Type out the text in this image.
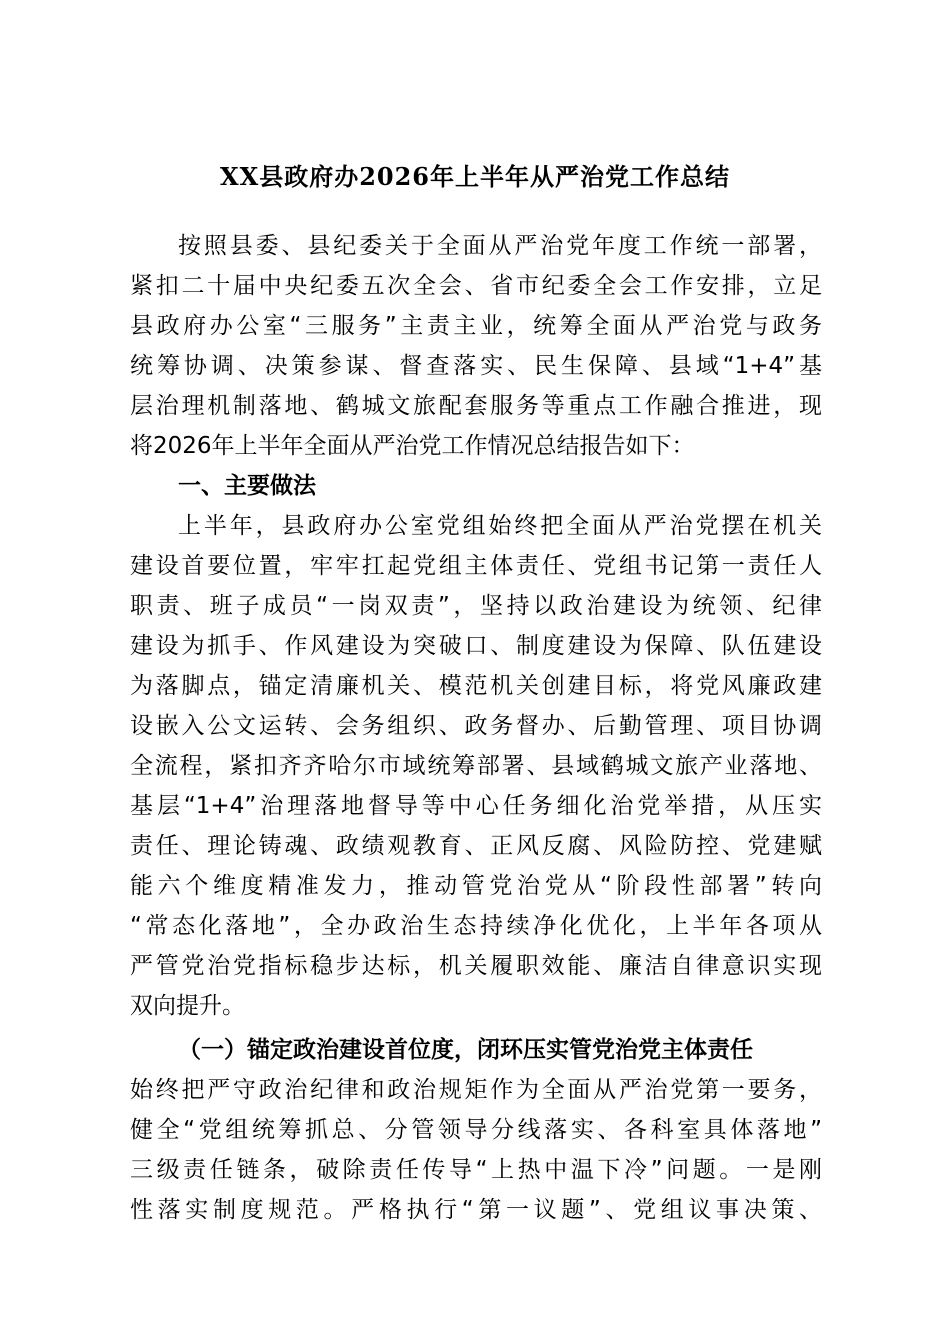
XX县政府办2026年上半年从严治党工作总结
按照县委、县纪委关于全面从严治党年度工作统一部署，
紧扣二十届中央纪委五次全会、省市纪委全会工作安排，立足
县政府办公室“三服务”主责主业，统筹全面从严治党与政务
统筹协调、决策参谋、督查落实、民生保障、县域“1+4”基
层治理机制落地、鹤城文旅配套服务等重点工作融合推进，现
将2026年上半年全面从严治党工作情况总结报告如下：
一、主要做法
上半年，县政府办公室党组始终把全面从严治党摆在机关
建设首要位置，牢牢扛起党组主体责任、党组书记第一责任人
职责、班子成员“一岗双责”，坚持以政治建设为统领、纪律
建设为抓手、作风建设为突破口、制度建设为保障、队伍建设
为落脚点，锚定清廉机关、模范机关创建目标，将党风廉政建
设嵌入公文运转、会务组织、政务督办、后勤管理、项目协调
全流程，紧扣齐齐哈尔市域统筹部署、县域鹤城文旅产业落地、
基层“1+4”治理落地督导等中心任务细化治党举措，从压实
责任、理论铸魂、政绩观教育、正风反腐、风险防控、党建赋
能六个维度精准发力，推动管党治党从“阶段性部署”转向
“常态化落地”，全办政治生态持续净化优化，上半年各项从
严管党治党指标稳步达标，机关履职效能、廉洁自律意识实现
双向提升。
（一）锚定政治建设首位度，闭环压实管党治党主体责任
始终把严守政治纪律和政治规矩作为全面从严治党第一要务，
健全“党组统筹抓总、分管领导分线落实、各科室具体落地”
三级责任链条，破除责任传导“上热中温下冷”问题。一是刚
性落实制度规范。严格执行“第一议题”、党组议事决策、
